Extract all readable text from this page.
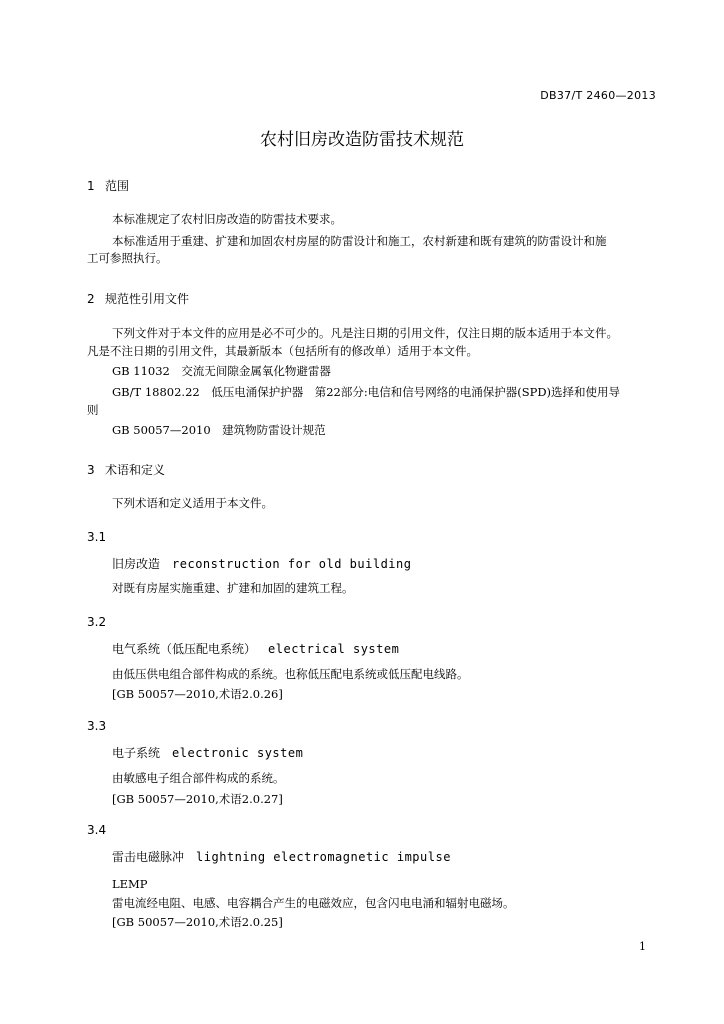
DB37/T 2460—2013
农村旧房改造防雷技术规范
1 范围
本标准规定了农村旧房改造的防雷技术要求。
本标准适用于重建、扩建和加固农村房屋的防雷设计和施工，农村新建和既有建筑的防雷设计和施
工可参照执行。
2 规范性引用文件
下列文件对于本文件的应用是必不可少的。凡是注日期的引用文件，仅注日期的版本适用于本文件。
凡是不注日期的引用文件，其最新版本（包括所有的修改单）适用于本文件。
GB 11032　交流无间隙金属氧化物避雷器
GB/T 18802.22　低压电涌保护护器　第22部分:电信和信号网络的电涌保护器(SPD)选择和使用导
则
GB 50057—2010　建筑物防雷设计规范
3 术语和定义
下列术语和定义适用于本文件。
3.1
旧房改造 reconstruction for old building
对既有房屋实施重建、扩建和加固的建筑工程。
3.2
电气系统（低压配电系统） electrical system
由低压供电组合部件构成的系统。也称低压配电系统或低压配电线路。
[GB 50057—2010,术语2.0.26]
3.3
电子系统 electronic system
由敏感电子组合部件构成的系统。
[GB 50057—2010,术语2.0.27]
3.4
雷击电磁脉冲 lightning electromagnetic impulse
LEMP
雷电流经电阻、电感、电容耦合产生的电磁效应，包含闪电电涌和辐射电磁场。
[GB 50057—2010,术语2.0.25]
1
